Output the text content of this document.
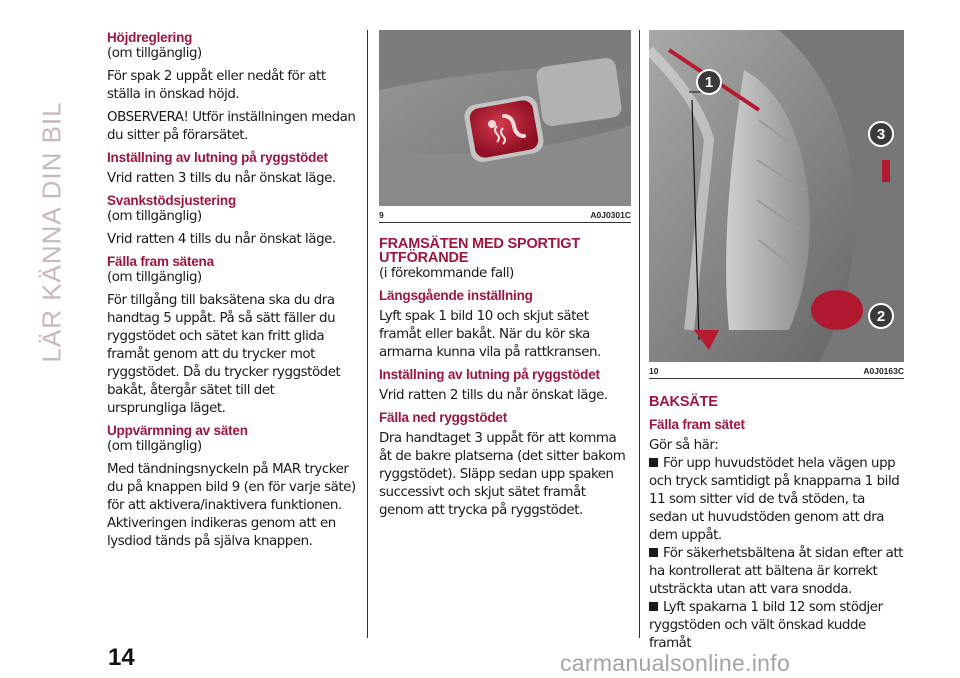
LÄR KÄNNA DIN BIL
Höjdreglering
(om tillgänglig)
För spak 2 uppåt eller nedåt för att ställa in önskad höjd.
OBSERVERA! Utför inställningen medan du sitter på förarsätet.
Inställning av lutning på ryggstödet
Vrid ratten 3 tills du når önskat läge.
Svankstödsjustering
(om tillgänglig)
Vrid ratten 4 tills du når önskat läge.
Fälla fram sätena
(om tillgänglig)
För tillgång till baksätena ska du dra handtag 5 uppåt. På så sätt fäller du ryggstödet och sätet kan fritt glida framåt genom att du trycker mot ryggstödet. Då du trycker ryggstödet bakåt, återgår sätet till det ursprungliga läget.
Uppvärmning av säten
(om tillgänglig)
Med tändningsnyckeln på MAR trycker du på knappen bild 9 (en för varje säte) för att aktivera/inaktivera funktionen. Aktiveringen indikeras genom att en lysdiod tänds på själva knappen.
9	A0J0301C
FRAMSÄTEN MED SPORTIGT UTFÖRANDE
(i förekommande fall)
Längsgående inställning
Lyft spak 1 bild 10 och skjut sätet framåt eller bakåt. När du kör ska armarna kunna vila på rattkransen.
Inställning av lutning på ryggstödet
Vrid ratten 2 tills du når önskat läge.
Fälla ned ryggstödet
Dra handtaget 3 uppåt för att komma åt de bakre platserna (det sitter bakom ryggstödet). Släpp sedan upp spaken successivt och skjut sätet framåt genom att trycka på ryggstödet.
1
3
2
10	A0J0163C
BAKSÄTE
Fälla fram sätet
Gör så här:
För upp huvudstödet hela vägen upp och tryck samtidigt på knapparna 1 bild 11 som sitter vid de två stöden, ta sedan ut huvudstöden genom att dra dem uppåt.
För säkerhetsbältena åt sidan efter att ha kontrollerat att bältena är korrekt utsträckta utan att vara snodda.
Lyft spakarna 1 bild 12 som stödjer ryggstöden och vält önskad kudde framåt
14	carmanualsonline.info
